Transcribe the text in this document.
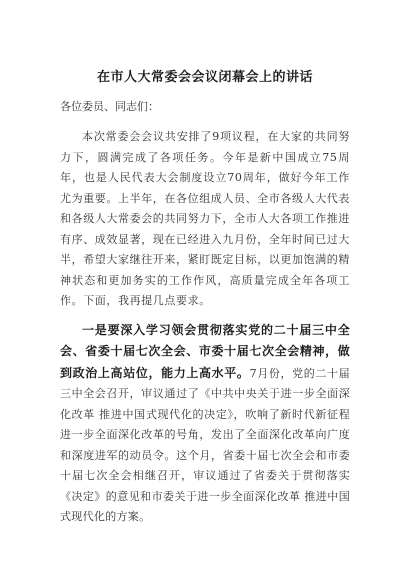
在市人大常委会会议闭幕会上的讲话
各位委员、同志们：

本次常委会会议共安排了9项议程，在大家的共同努力下，圆满完成了各项任务。今年是新中国成立75周年，也是人民代表大会制度设立70周年，做好今年工作尤为重要。上半年，在各位组成人员、全市各级人大代表和各级人大常委会的共同努力下，全市人大各项工作推进有序、成效显著，现在已经进入九月份，全年时间已过大半，希望大家继往开来，紧盯既定目标，以更加饱满的精神状态和更加务实的工作作风，高质量完成全年各项工作。下面，我再提几点要求。

一是要深入学习领会贯彻落实党的二十届三中全会、省委十届七次全会、市委十届七次全会精神，做到政治上高站位，能力上高水平。7月份，党的二十届三中全会召开，审议通过了《中共中央关于进一步全面深化改革 推进中国式现代化的决定》，吹响了新时代新征程进一步全面深化改革的号角，发出了全面深化改革向广度和深度进军的动员令。这个月，省委十届七次全会和市委十届七次全会相继召开，审议通过了省委关于贯彻落实《决定》的意见和市委关于进一步全面深化改革 推进中国式现代化的方案。
